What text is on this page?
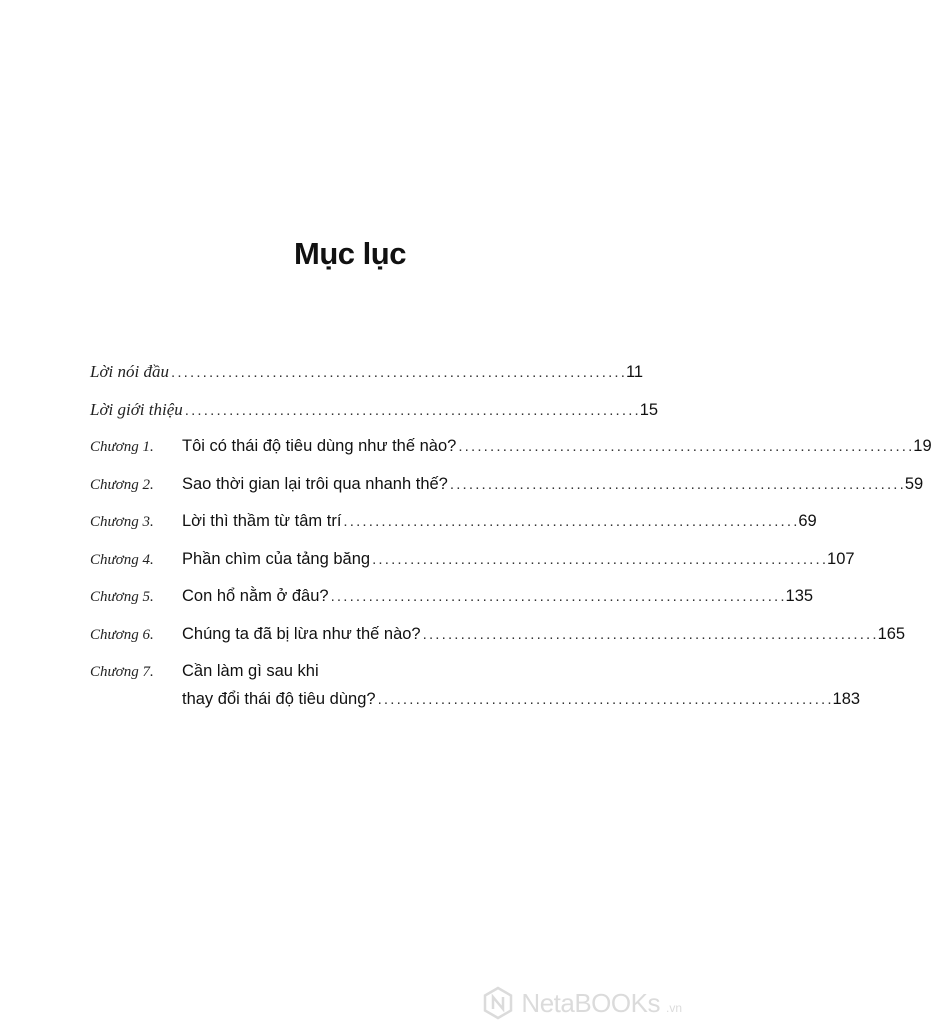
Mục lục
Lời nói đầu . . .	11
Lời giới thiệu . . .	15
Chương 1.	Tôi có thái độ tiêu dùng như thế nào? . . .	19
Chương 2.	Sao thời gian lại trôi qua nhanh thế? . . .	59
Chương 3.	Lời thì thầm từ tâm trí . . .	69
Chương 4.	Phần chìm của tảng băng . . .	107
Chương 5.	Con hổ nằm ở đâu? . . .	135
Chương 6.	Chúng ta đã bị lừa như thế nào? . . .	165
Chương 7.	Cần làm gì sau khi
thay đổi thái độ tiêu dùng? . . .	183
NetaBOOKs .vn
